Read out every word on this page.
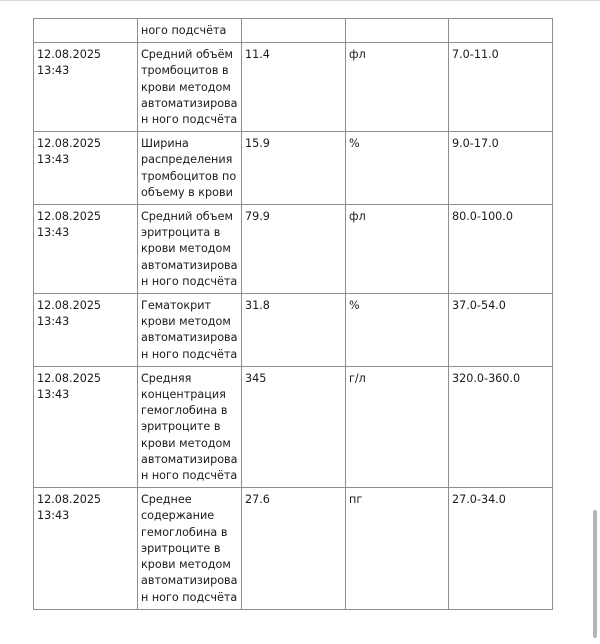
	ного подсчёта			
12.08.2025 13:43	Средний объём тромбоцитов в крови методом автоматизирован ного подсчёта	11.4	фл	7.0-11.0
12.08.2025 13:43	Ширина распределения тромбоцитов по объему в крови	15.9	%	9.0-17.0
12.08.2025 13:43	Средний объем эритроцита в крови методом автоматизирован ного подсчёта	79.9	фл	80.0-100.0
12.08.2025 13:43	Гематокрит крови методом автоматизирован ного подсчёта	31.8	%	37.0-54.0
12.08.2025 13:43	Средняя концентрация гемоглобина в эритроците в крови методом автоматизирован ного подсчёта	345	г/л	320.0-360.0
12.08.2025 13:43	Среднее содержание гемоглобина в эритроците в крови методом автоматизирован ного подсчёта	27.6	пг	27.0-34.0
